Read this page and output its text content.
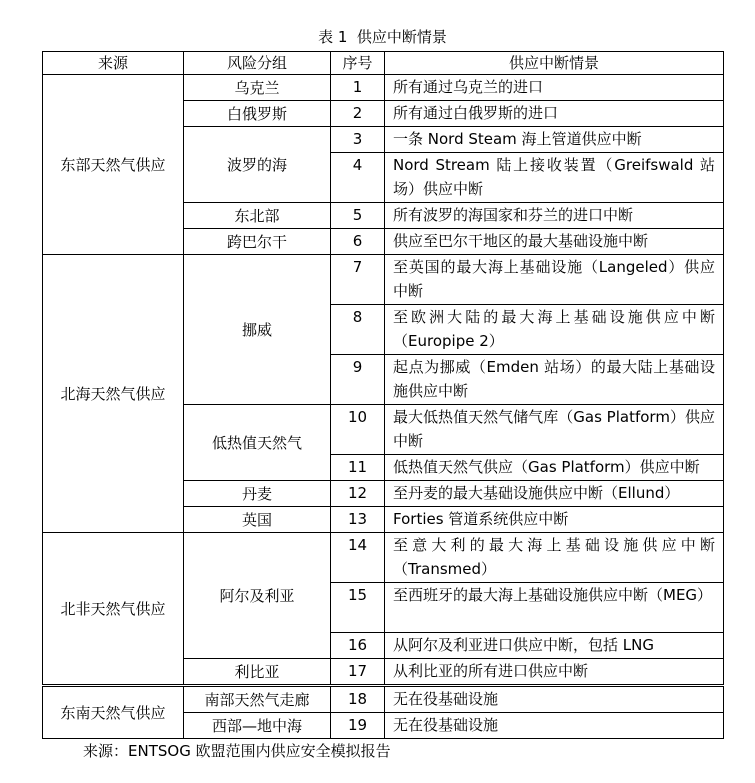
表 1  供应中断情景
来源	风险分组	序号	供应中断情景
东部天然气供应	乌克兰	1	所有通过乌克兰的进口
	白俄罗斯	2	所有通过白俄罗斯的进口
	波罗的海	3	一条 Nord Steam 海上管道供应中断
		4	Nord Stream 陆上接收装置（Greifswald 站场）供应中断
	东北部	5	所有波罗的海国家和芬兰的进口中断
	跨巴尔干	6	供应至巴尔干地区的最大基础设施中断
北海天然气供应	挪威	7	至英国的最大海上基础设施（Langeled）供应中断
		8	至欧洲大陆的最大海上基础设施供应中断（Europipe 2）
		9	起点为挪威（Emden 站场）的最大陆上基础设施供应中断
	低热值天然气	10	最大低热值天然气储气库（Gas Platform）供应中断
		11	低热值天然气供应（Gas Platform）供应中断
	丹麦	12	至丹麦的最大基础设施供应中断（Ellund）
	英国	13	Forties 管道系统供应中断
北非天然气供应	阿尔及利亚	14	至意大利的最大海上基础设施供应中断（Transmed）
		15	至西班牙的最大海上基础设施供应中断（MEG）
		16	从阿尔及利亚进口供应中断，包括 LNG
	利比亚	17	从利比亚的所有进口供应中断
东南天然气供应	南部天然气走廊	18	无在役基础设施
	西部—地中海	19	无在役基础设施
来源：ENTSOG 欧盟范围内供应安全模拟报告
